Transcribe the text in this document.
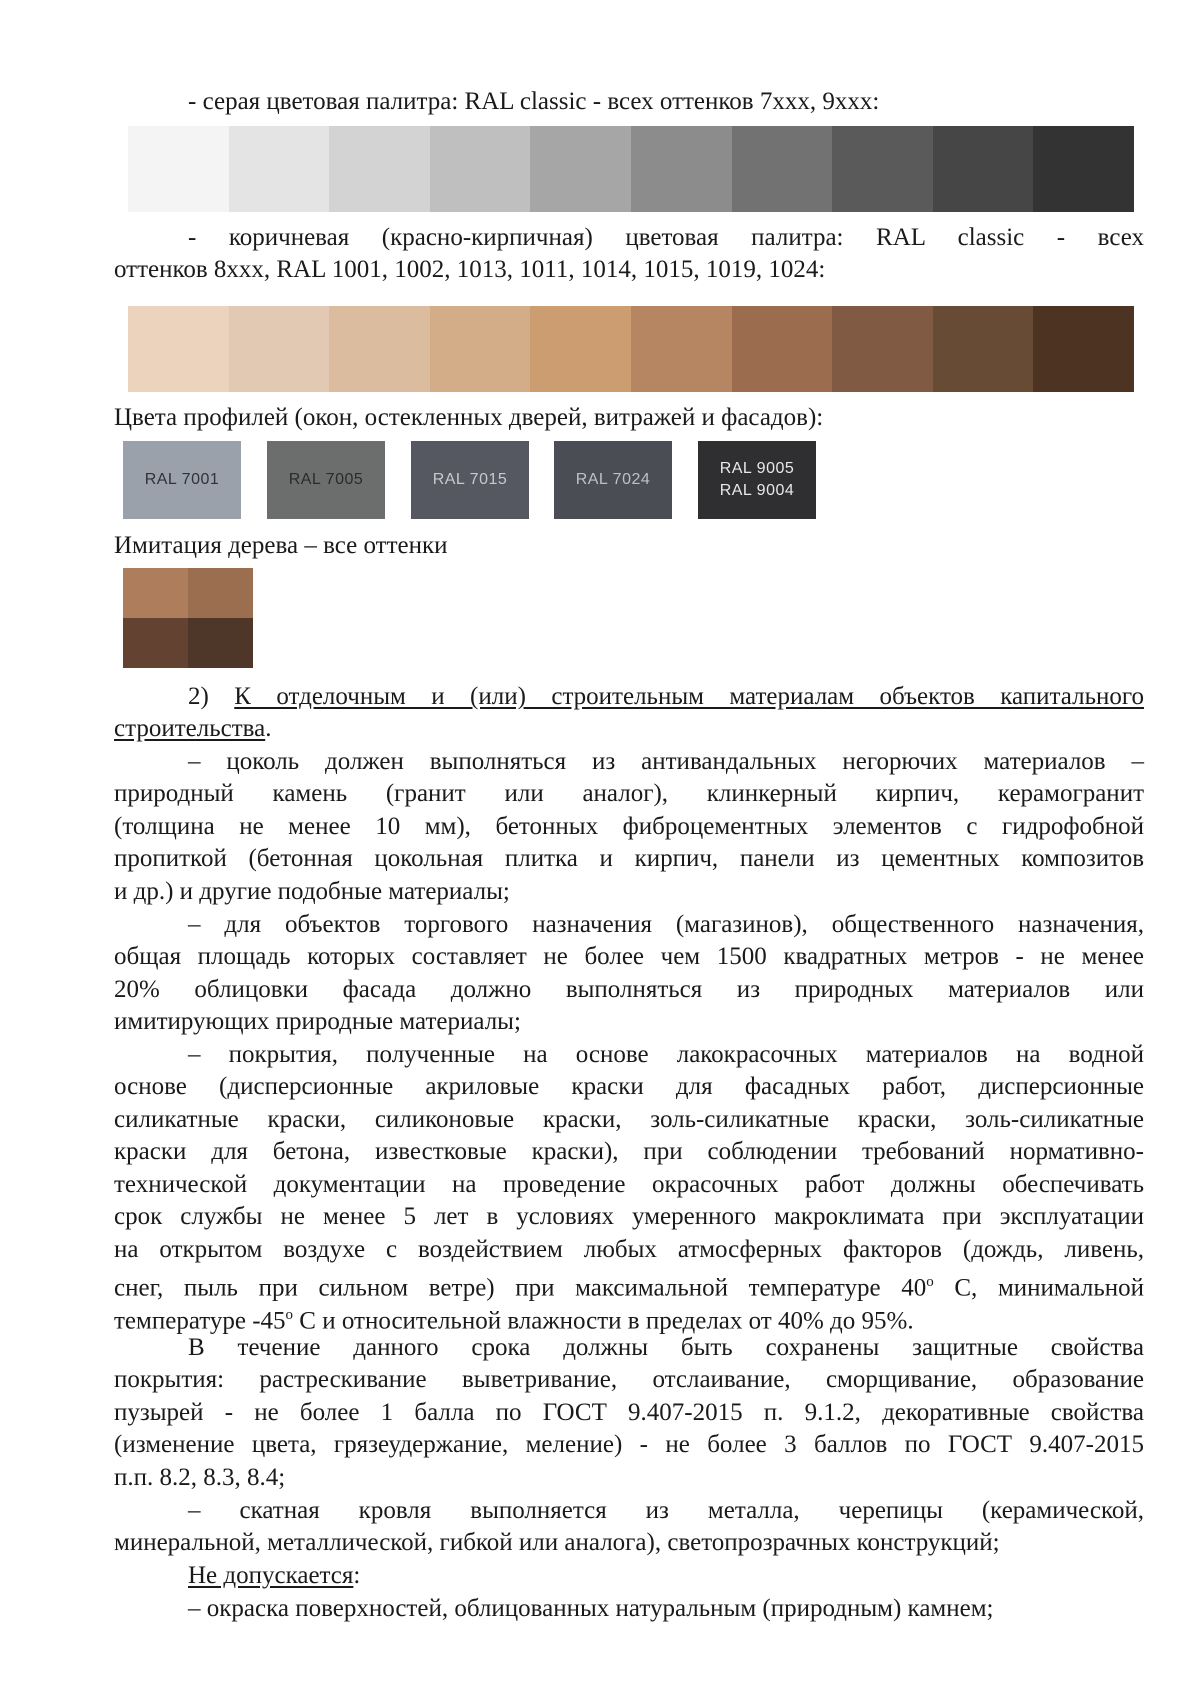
- серая цветовая палитра: RAL classic - всех оттенков 7ххх, 9ххх:
- коричневая (красно-кирпичная) цветовая палитра: RAL classic - всех
оттенков 8ххх, RAL 1001, 1002, 1013, 1011, 1014, 1015, 1019, 1024:
Цвета профилей (окон, остекленных дверей, витражей и фасадов):
RAL 7001	RAL 7005	RAL 7015	RAL 7024
RAL 9005
RAL 9004
Имитация дерева – все оттенки
2) К отделочным и (или) строительным материалам объектов капитального
строительства.
– цоколь должен выполняться из антивандальных негорючих материалов –
природный камень (гранит или аналог), клинкерный кирпич, керамогранит
(толщина не менее 10 мм), бетонных фиброцементных элементов с гидрофобной
пропиткой (бетонная цокольная плитка и кирпич, панели из цементных композитов
и др.) и другие подобные материалы;
– для объектов торгового назначения (магазинов), общественного назначения,
общая площадь которых составляет не более чем 1500 квадратных метров - не менее
20% облицовки фасада должно выполняться из природных материалов или
имитирующих природные материалы;
– покрытия, полученные на основе лакокрасочных материалов на водной
основе (дисперсионные акриловые краски для фасадных работ, дисперсионные
силикатные краски, силиконовые краски, золь-силикатные краски, золь-силикатные
краски для бетона, известковые краски), при соблюдении требований нормативно-
технической документации на проведение окрасочных работ должны обеспечивать
срок службы не менее 5 лет в условиях умеренного макроклимата при эксплуатации
на открытом воздухе с воздействием любых атмосферных факторов (дождь, ливень,
снег, пыль при сильном ветре) при максимальной температуре 40$^o$ С, минимальной
температуре -45$^o$ С и относительной влажности в пределах от 40% до 95%.
В течение данного срока должны быть сохранены защитные свойства
покрытия: растрескивание выветривание, отслаивание, сморщивание, образование
пузырей - не более 1 балла по ГОСТ 9.407-2015 п. 9.1.2, декоративные свойства
(изменение цвета, грязеудержание, меление) - не более 3 баллов по ГОСТ 9.407-2015
п.п. 8.2, 8.3, 8.4;
– скатная кровля выполняется из металла, черепицы (керамической,
минеральной, металлической, гибкой или аналога), светопрозрачных конструкций;
Не допускается:
– окраска поверхностей, облицованных натуральным (природным) камнем;
